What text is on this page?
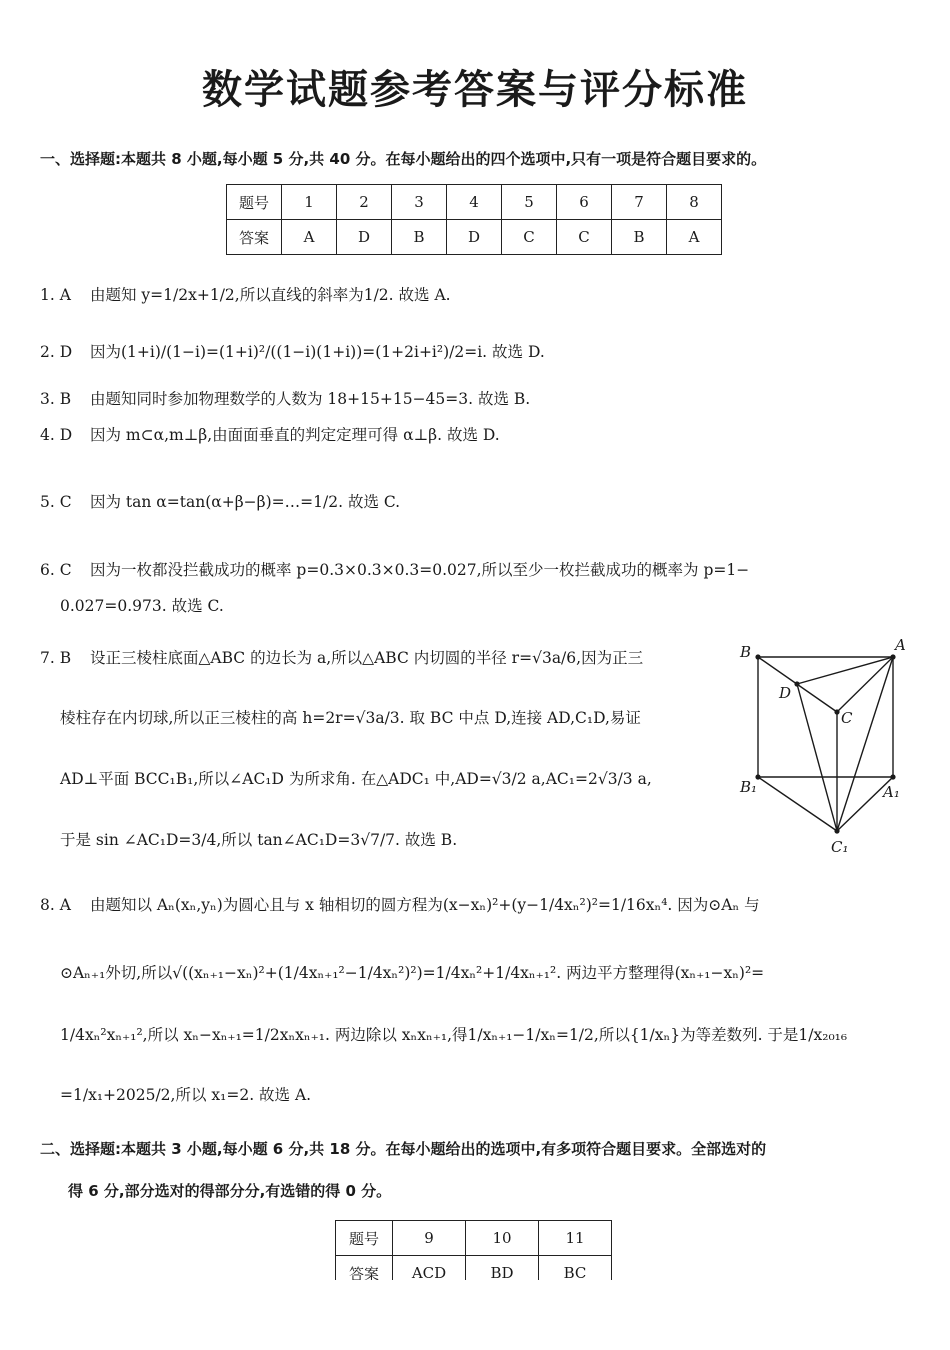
数学试题参考答案与评分标准
一、选择题:本题共 8 小题,每小题 5 分,共 40 分。在每小题给出的四个选项中,只有一项是符合题目要求的。
题号	1	2	3	4	5	6	7	8
答案	A	D	B	D	C	C	B	A
1. A 由题知 y=1/2x+1/2,所以直线的斜率为1/2. 故选 A.
2. D 因为(1+i)/(1−i)=(1+i)²/((1−i)(1+i))=(1+2i+i²)/2=i. 故选 D.
3. B 由题知同时参加物理数学的人数为 18+15+15−45=3. 故选 B.
4. D 因为 m⊂α,m⊥β,由面面垂直的判定定理可得 α⊥β. 故选 D.
5. C 因为 tan α=tan(α+β−β)=…=1/2. 故选 C.
6. C 因为一枚都没拦截成功的概率 p=0.3×0.3×0.3=0.027,所以至少一枚拦截成功的概率为 p=1−
0.027=0.973. 故选 C.
7. B 设正三棱柱底面△ABC 的边长为 a,所以△ABC 内切圆的半径 r=√3a/6,因为正三
棱柱存在内切球,所以正三棱柱的高 h=2r=√3a/3. 取 BC 中点 D,连接 AD,C₁D,易证
AD⊥平面 BCC₁B₁,所以∠AC₁D 为所求角. 在△ADC₁ 中,AD=√3/2 a,AC₁=2√3/3 a,
于是 sin ∠AC₁D=3/4,所以 tan∠AC₁D=3√7/7. 故选 B.
B	A
D
C
B₁	A₁
C₁
8. A 由题知以 Aₙ(xₙ,yₙ)为圆心且与 x 轴相切的圆方程为(x−xₙ)²+(y−1/4xₙ²)²=1/16xₙ⁴. 因为⊙Aₙ 与
⊙Aₙ₊₁外切,所以√((xₙ₊₁−xₙ)²+(1/4xₙ₊₁²−1/4xₙ²)²)=1/4xₙ²+1/4xₙ₊₁². 两边平方整理得(xₙ₊₁−xₙ)²=
1/4xₙ²xₙ₊₁²,所以 xₙ−xₙ₊₁=1/2xₙxₙ₊₁. 两边除以 xₙxₙ₊₁,得1/xₙ₊₁−1/xₙ=1/2,所以{1/xₙ}为等差数列. 于是1/x₂₀₁₆
=1/x₁+2025/2,所以 x₁=2. 故选 A.
二、选择题:本题共 3 小题,每小题 6 分,共 18 分。在每小题给出的选项中,有多项符合题目要求。全部选对的
得 6 分,部分选对的得部分分,有选错的得 0 分。
题号	9	10	11
答案	ACD	BD	BC
